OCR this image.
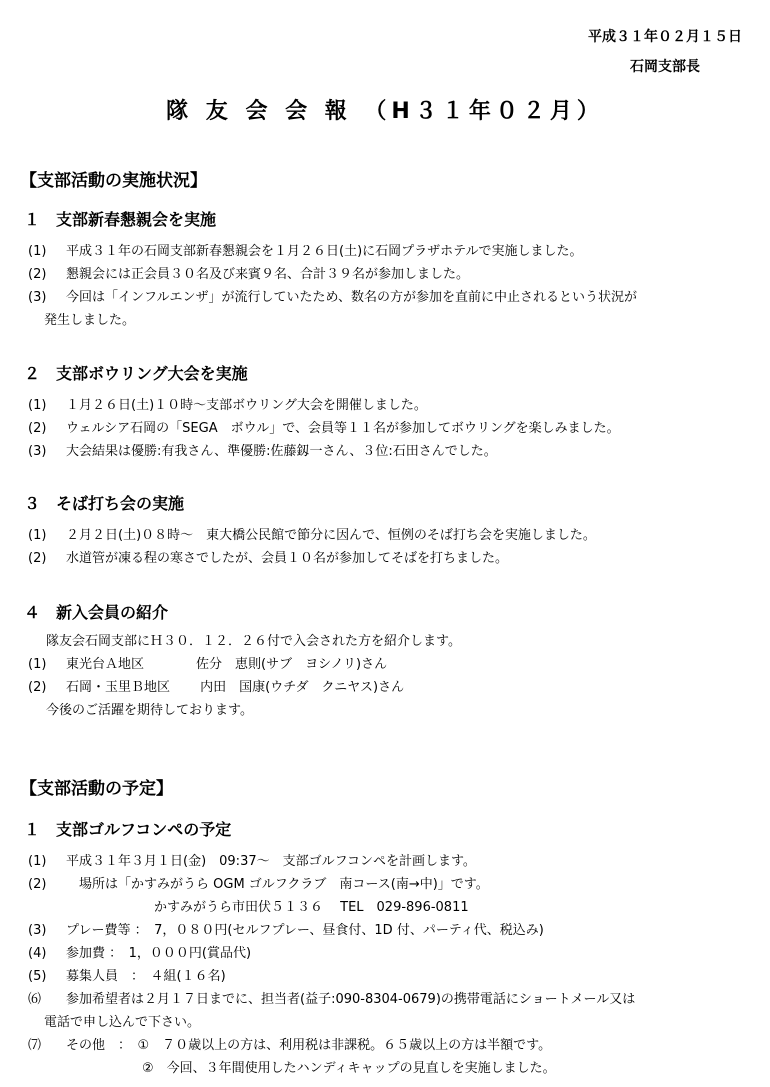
平成３１年０２月１５日
石岡支部長
隊 友 会 会 報 （H３１年０２月）
【支部活動の実施状況】
１　支部新春懇親会を実施
(1) 平成３１年の石岡支部新春懇親会を１月２６日(土)に石岡プラザホテルで実施しました。
(2) 懇親会には正会員３０名及び来賓９名、合計３９名が参加しました。
(3) 今回は「インフルエンザ」が流行していたため、数名の方が参加を直前に中止されるという状況が
発生しました。
２　支部ボウリング大会を実施
(1) １月２６日(土)１０時～支部ボウリング大会を開催しました。
(2) ウェルシア石岡の「SEGA　ボウル」で、会員等１１名が参加してボウリングを楽しみました。
(3) 大会結果は優勝:有我さん、準優勝:佐藤釼一さん、３位:石田さんでした。
３　そば打ち会の実施
(1) ２月２日(土)０８時～　東大橋公民館で節分に因んで、恒例のそば打ち会を実施しました。
(2) 水道管が凍る程の寒さでしたが、会員１０名が参加してそばを打ちました。
４　新入会員の紹介
隊友会石岡支部にＨ３０．１２．２６付で入会された方を紹介します。
(1) 東光台Ａ地区　　　　佐分　恵則(サブ　ヨシノリ)さん
(2) 石岡・玉里Ｂ地区　　 内田　国康(ウチダ　クニヤス)さん
今後のご活躍を期待しております。
【支部活動の予定】
１　支部ゴルフコンペの予定
(1) 平成３１年３月１日(金)　09:37～　支部ゴルフコンペを計画します。
(2) 　場所は「かすみがうら OGM ゴルフクラブ　南コース(南→中)」です。
かすみがうら市田伏５１３６　 TEL　029-896-0811
(3) プレー費等 ：　7，０８０円(セルフプレー、昼食付、1D 付、パーティ代、税込み)
(4) 参加費 ：　1，０００円(賞品代)
(5) 募集人員　：　４組(１６名)
⑹ 参加希望者は２月１７日までに、担当者(益子:090-8304-0679)の携帯電話にショートメール又は
電話で申し込んで下さい。
⑺ その他　：　①　７０歳以上の方は、利用税は非課税。６５歳以上の方は半額です。
②　今回、３年間使用したハンディキャップの見直しを実施しました。
